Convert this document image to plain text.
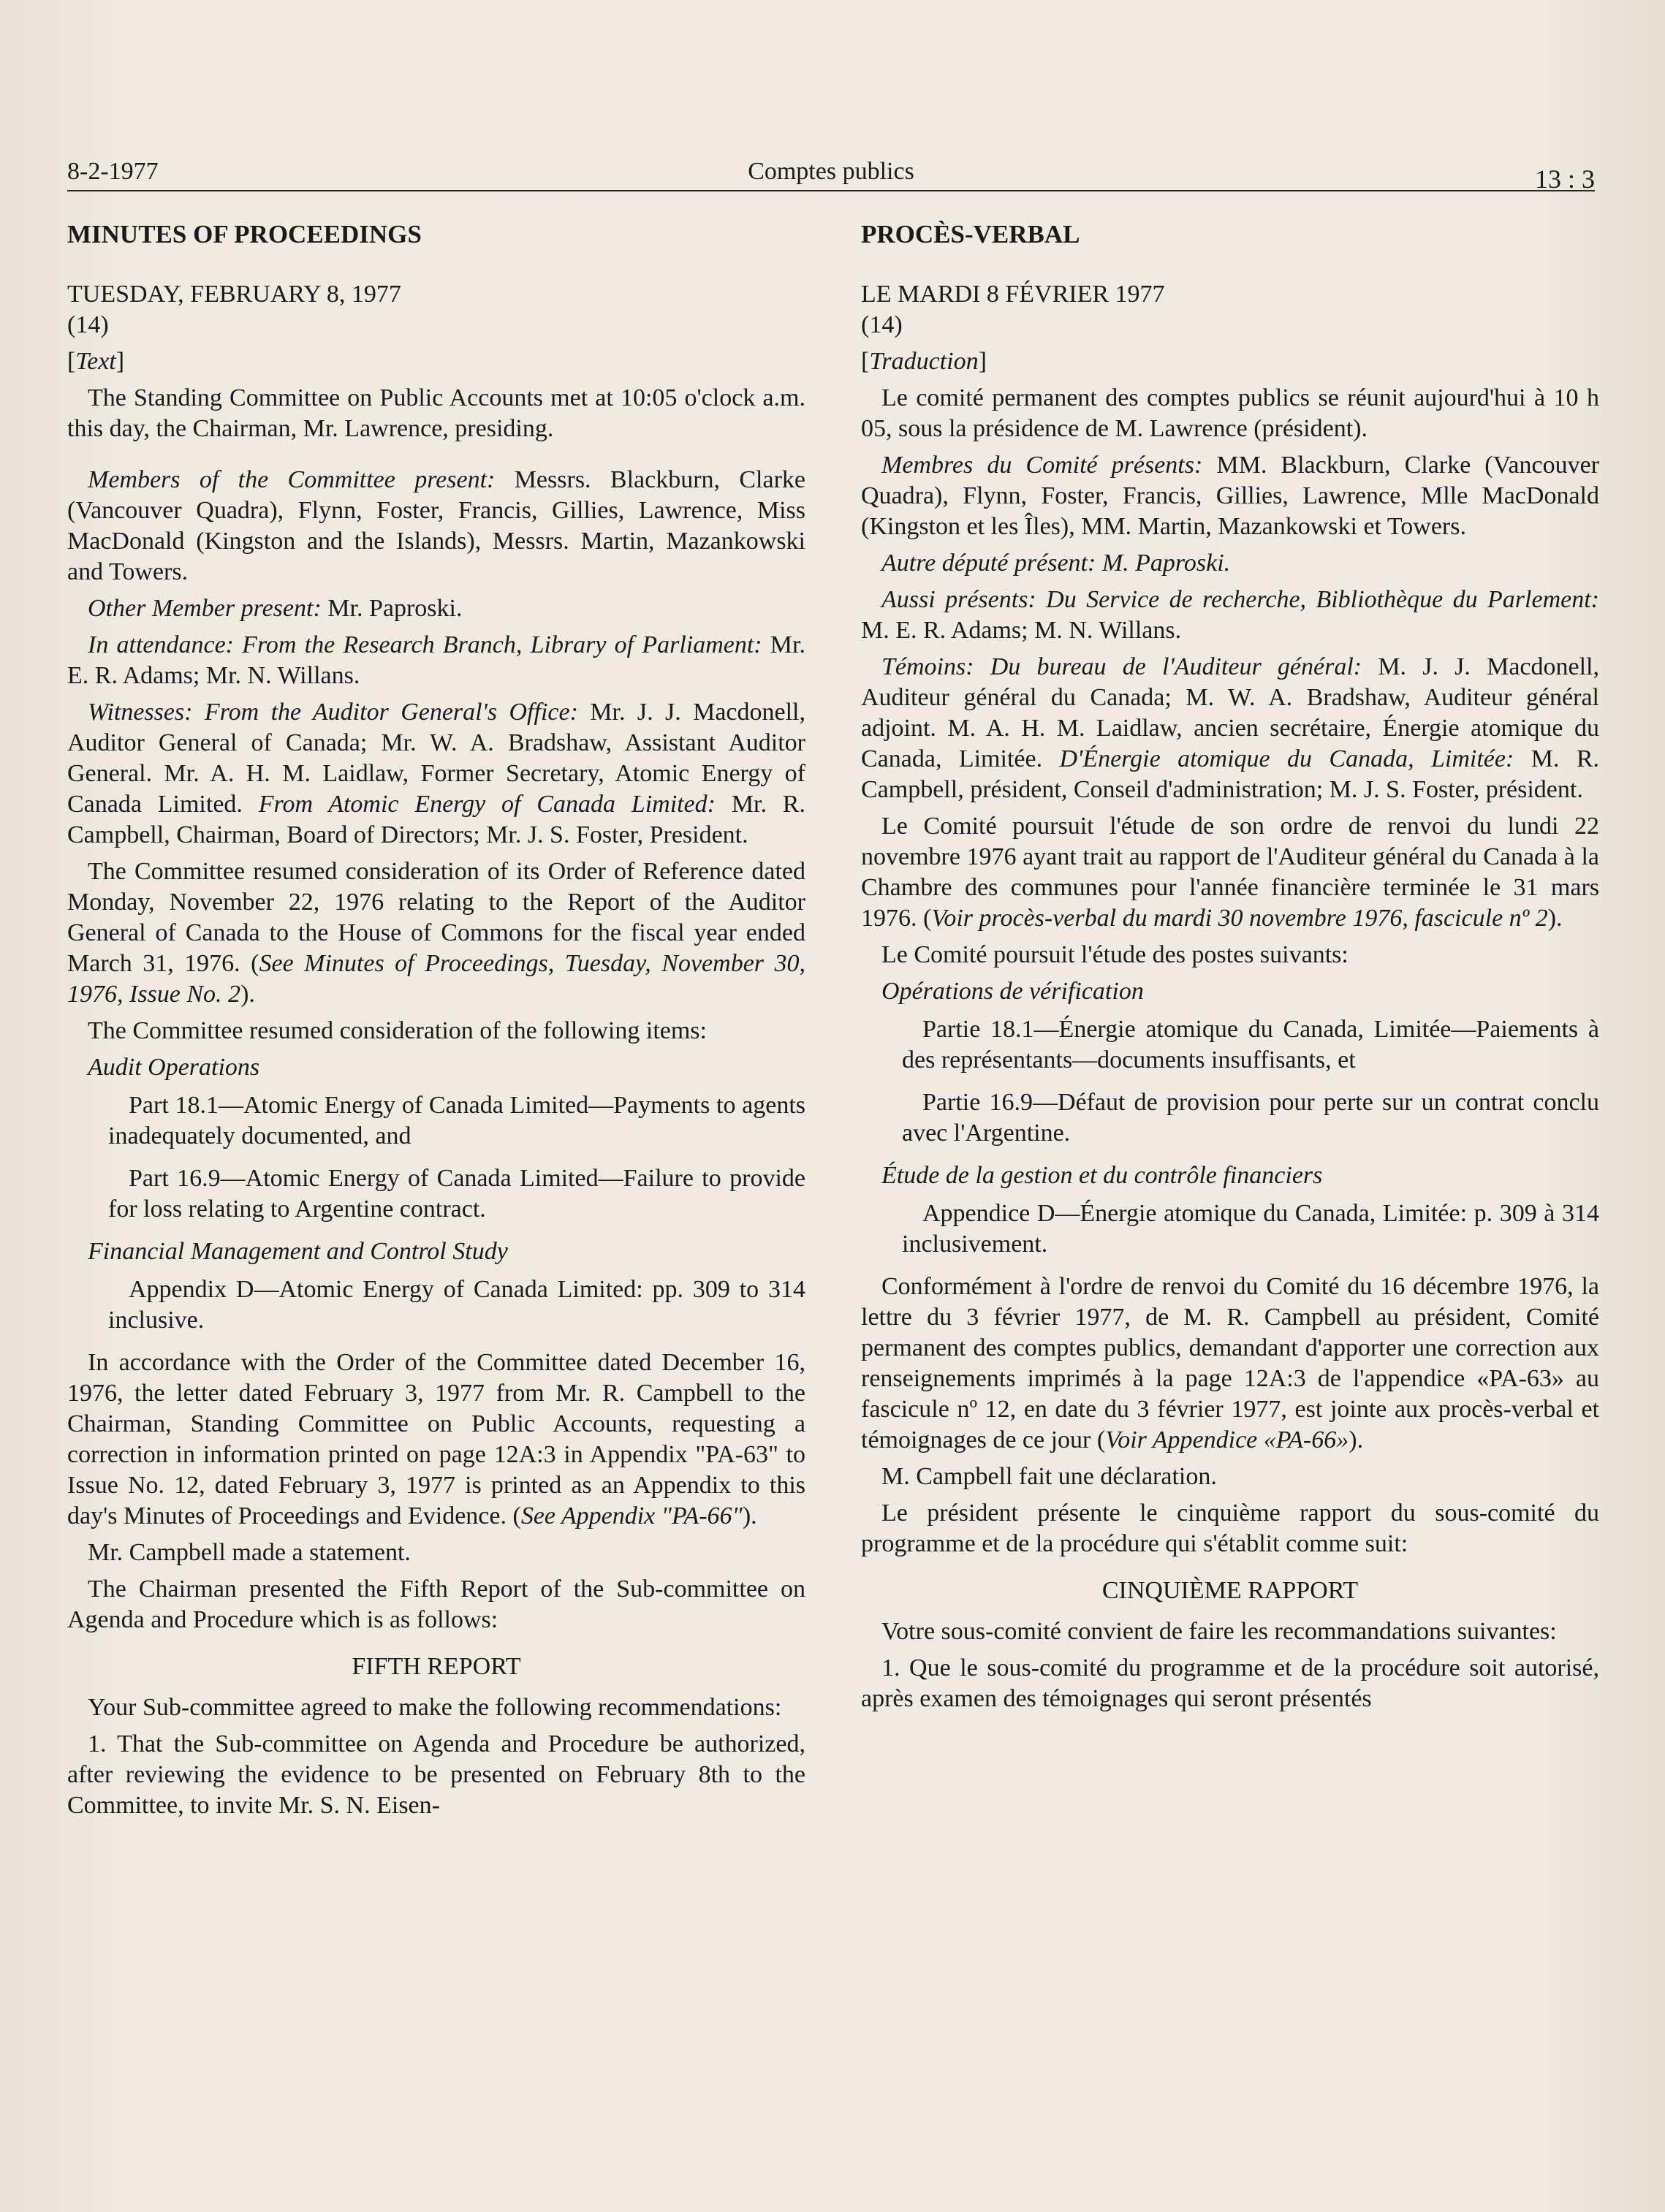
8-2-1977	Comptes publics	13 : 3

MINUTES OF PROCEEDINGS

TUESDAY, FEBRUARY 8, 1977

(14)

[Text]

The Standing Committee on Public Accounts met at 10:05 o'clock a.m. this day, the Chairman, Mr. Lawrence, presiding.

Members of the Committee present: Messrs. Blackburn, Clarke (Vancouver Quadra), Flynn, Foster, Francis, Gillies, Lawrence, Miss MacDonald (Kingston and the Islands), Messrs. Martin, Mazankowski and Towers.

Other Member present: Mr. Paproski.

In attendance: From the Research Branch, Library of Parliament: Mr. E. R. Adams; Mr. N. Willans.

Witnesses: From the Auditor General's Office: Mr. J. J. Macdonell, Auditor General of Canada; Mr. W. A. Bradshaw, Assistant Auditor General. Mr. A. H. M. Laidlaw, Former Secretary, Atomic Energy of Canada Limited. From Atomic Energy of Canada Limited: Mr. R. Campbell, Chairman, Board of Directors; Mr. J. S. Foster, President.

The Committee resumed consideration of its Order of Reference dated Monday, November 22, 1976 relating to the Report of the Auditor General of Canada to the House of Commons for the fiscal year ended March 31, 1976. (See Minutes of Proceedings, Tuesday, November 30, 1976, Issue No. 2).

The Committee resumed consideration of the following items:

Audit Operations

Part 18.1—Atomic Energy of Canada Limited—Payments to agents inadequately documented, and

Part 16.9—Atomic Energy of Canada Limited—Failure to provide for loss relating to Argentine contract.

Financial Management and Control Study

Appendix D—Atomic Energy of Canada Limited: pp. 309 to 314 inclusive.

In accordance with the Order of the Committee dated December 16, 1976, the letter dated February 3, 1977 from Mr. R. Campbell to the Chairman, Standing Committee on Public Accounts, requesting a correction in information printed on page 12A:3 in Appendix "PA-63" to Issue No. 12, dated February 3, 1977 is printed as an Appendix to this day's Minutes of Proceedings and Evidence. (See Appendix "PA-66").

Mr. Campbell made a statement.

The Chairman presented the Fifth Report of the Sub-committee on Agenda and Procedure which is as follows:

FIFTH REPORT

Your Sub-committee agreed to make the following recommendations:

1. That the Sub-committee on Agenda and Procedure be authorized, after reviewing the evidence to be presented on February 8th to the Committee, to invite Mr. S. N. Eisen-

PROCÈS-VERBAL

LE MARDI 8 FÉVRIER 1977

(14)

[Traduction]

Le comité permanent des comptes publics se réunit aujourd'hui à 10 h 05, sous la présidence de M. Lawrence (président).

Membres du Comité présents: MM. Blackburn, Clarke (Vancouver Quadra), Flynn, Foster, Francis, Gillies, Lawrence, Mlle MacDonald (Kingston et les Îles), MM. Martin, Mazankowski et Towers.

Autre député présent: M. Paproski.

Aussi présents: Du Service de recherche, Bibliothèque du Parlement: M. E. R. Adams; M. N. Willans.

Témoins: Du bureau de l'Auditeur général: M. J. J. Macdonell, Auditeur général du Canada; M. W. A. Bradshaw, Auditeur général adjoint. M. A. H. M. Laidlaw, ancien secrétaire, Énergie atomique du Canada, Limitée. D'Énergie atomique du Canada, Limitée: M. R. Campbell, président, Conseil d'administration; M. J. S. Foster, président.

Le Comité poursuit l'étude de son ordre de renvoi du lundi 22 novembre 1976 ayant trait au rapport de l'Auditeur général du Canada à la Chambre des communes pour l'année financière terminée le 31 mars 1976. (Voir procès-verbal du mardi 30 novembre 1976, fascicule nº 2).

Le Comité poursuit l'étude des postes suivants:

Opérations de vérification

Partie 18.1—Énergie atomique du Canada, Limitée—Paiements à des représentants—documents insuffisants, et

Partie 16.9—Défaut de provision pour perte sur un contrat conclu avec l'Argentine.

Étude de la gestion et du contrôle financiers

Appendice D—Énergie atomique du Canada, Limitée: p. 309 à 314 inclusivement.

Conformément à l'ordre de renvoi du Comité du 16 décembre 1976, la lettre du 3 février 1977, de M. R. Campbell au président, Comité permanent des comptes publics, demandant d'apporter une correction aux renseignements imprimés à la page 12A:3 de l'appendice «PA-63» au fascicule nº 12, en date du 3 février 1977, est jointe aux procès-verbal et témoignages de ce jour (Voir Appendice «PA-66»).

M. Campbell fait une déclaration.

Le président présente le cinquième rapport du sous-comité du programme et de la procédure qui s'établit comme suit:

CINQUIÈME RAPPORT

Votre sous-comité convient de faire les recommandations suivantes:

1. Que le sous-comité du programme et de la procédure soit autorisé, après examen des témoignages qui seront présentés
